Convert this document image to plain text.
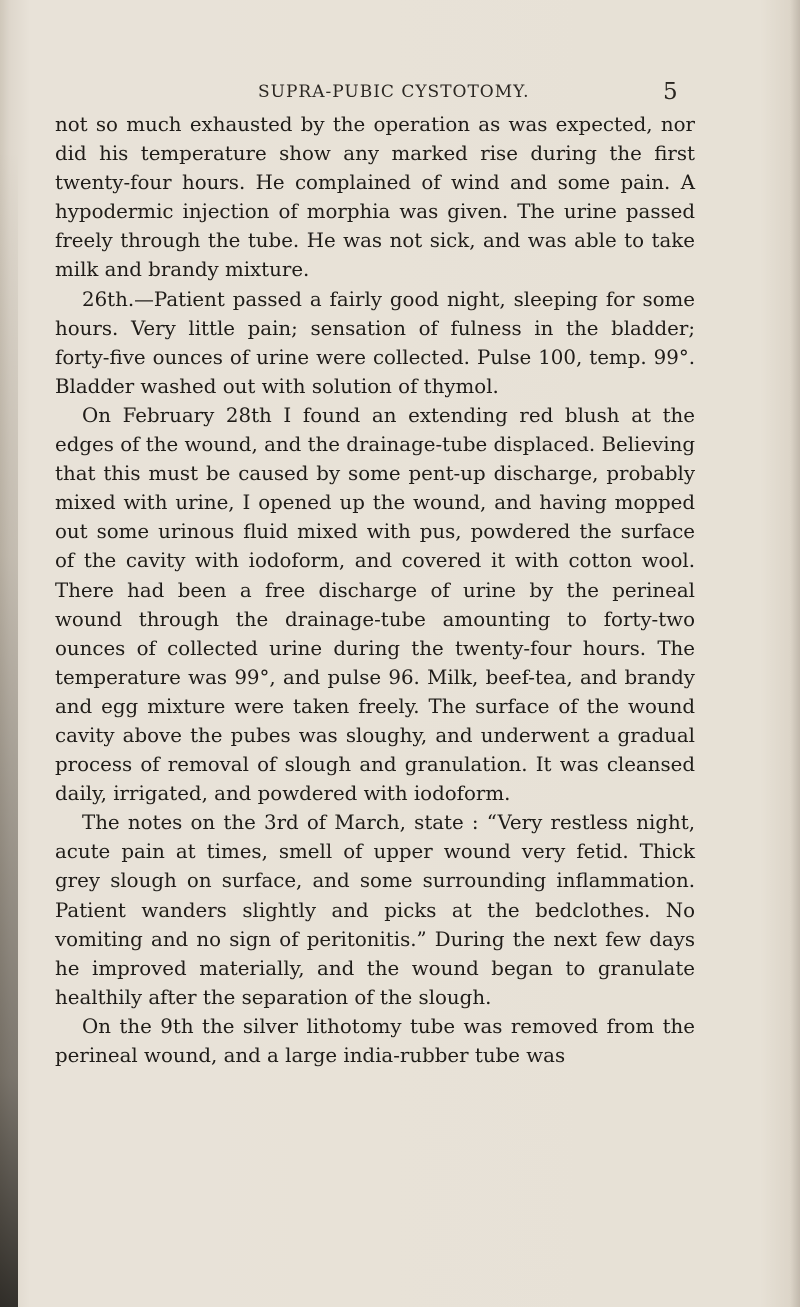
SUPRA-PUBIC CYSTOTOMY.	5

not so much exhausted by the operation as was expected, nor did his temperature show any marked rise during the first twenty-four hours. He complained of wind and some pain. A hypodermic injection of morphia was given. The urine passed freely through the tube. He was not sick, and was able to take milk and brandy mixture.

26th.—Patient passed a fairly good night, sleeping for some hours. Very little pain; sensation of fulness in the bladder; forty-five ounces of urine were collected. Pulse 100, temp. 99°. Bladder washed out with solution of thymol.

On February 28th I found an extending red blush at the edges of the wound, and the drainage-tube displaced. Believing that this must be caused by some pent-up discharge, probably mixed with urine, I opened up the wound, and having mopped out some urinous fluid mixed with pus, powdered the surface of the cavity with iodoform, and covered it with cotton wool. There had been a free discharge of urine by the perineal wound through the drainage-tube amounting to forty-two ounces of collected urine during the twenty-four hours. The temperature was 99°, and pulse 96. Milk, beef-tea, and brandy and egg mixture were taken freely. The surface of the wound cavity above the pubes was sloughy, and underwent a gradual process of removal of slough and granulation. It was cleansed daily, irrigated, and powdered with iodoform.

The notes on the 3rd of March, state : “Very restless night, acute pain at times, smell of upper wound very fetid. Thick grey slough on surface, and some surrounding inflammation. Patient wanders slightly and picks at the bedclothes. No vomiting and no sign of peritonitis.” During the next few days he improved materially, and the wound began to granulate healthily after the separation of the slough.

On the 9th the silver lithotomy tube was removed from the perineal wound, and a large india-rubber tube was
